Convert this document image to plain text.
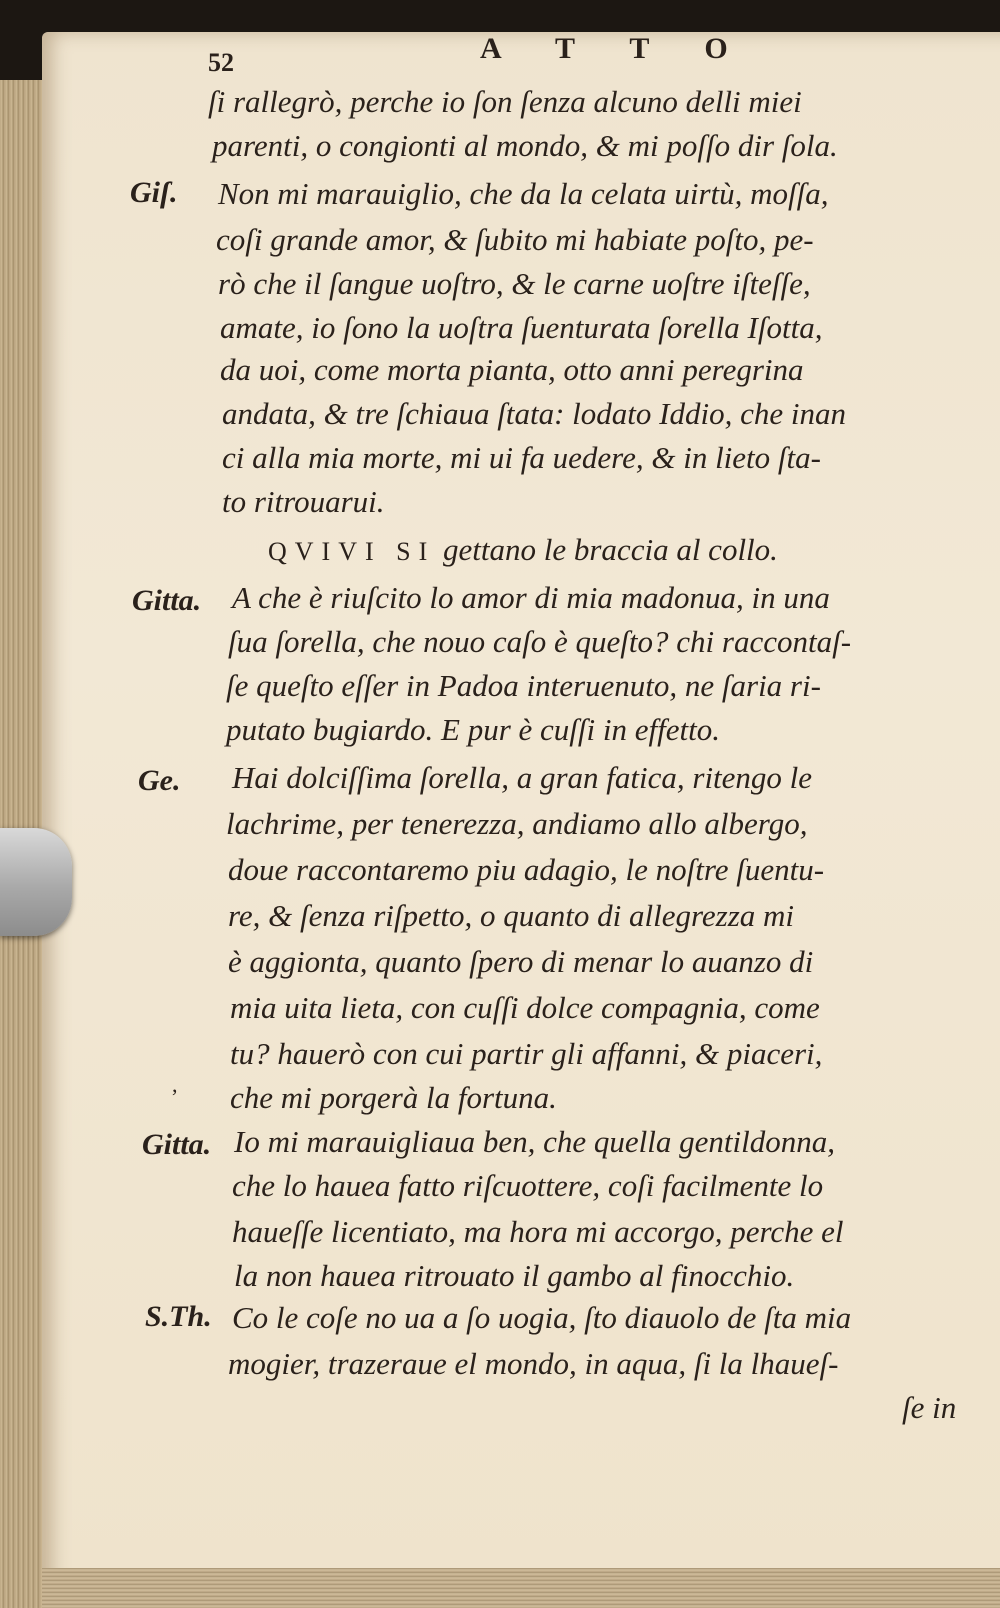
52	A T T O
Giſ.
Gitta.
Ge.
Gitta.
S.Th.
,
ſi rallegrò, perche io ſon ſenza alcuno delli miei
parenti, o congionti al mondo, & mi poſſo dir ſola.
Non mi marauiglio, che da la celata uirtù, moſſa,
coſi grande amor, & ſubito mi habiate poſto, pe-
rò che il ſangue uoſtro, & le carne uoſtre iſteſſe,
amate, io ſono la uoſtra ſuenturata ſorella Iſotta,
da uoi, come morta pianta, otto anni peregrina
andata, & tre ſchiaua ſtata: lodato Iddio, che inan
ci alla mia morte, mi ui fa uedere, & in lieto ſta-
to ritrouarui.
QVIVI SI gettano le braccia al collo.
A che è riuſcito lo amor di mia madonua, in una
ſua ſorella, che nouo caſo è queſto? chi raccontaſ-
ſe queſto eſſer in Padoa interuenuto, ne ſaria ri-
putato bugiardo. E pur è cuſſi in effetto.
Hai dolciſſima ſorella, a gran fatica, ritengo le
lachrime, per tenerezza, andiamo allo albergo,
doue raccontaremo piu adagio, le noſtre ſuentu-
re, & ſenza riſpetto, o quanto di allegrezza mi
è aggionta, quanto ſpero di menar lo auanzo di
mia uita lieta, con cuſſi dolce compagnia, come
tu? hauerò con cui partir gli affanni, & piaceri,
che mi porgerà la fortuna.
Io mi marauigliaua ben, che quella gentildonna,
che lo hauea fatto riſcuottere, coſi facilmente lo
haueſſe licentiato, ma hora mi accorgo, perche el
la non hauea ritrouato il gambo al finocchio.
Co le coſe no ua a ſo uogia, ſto diauolo de ſta mia
mogier, trazeraue el mondo, in aqua, ſi la lhaueſ-
ſe in
